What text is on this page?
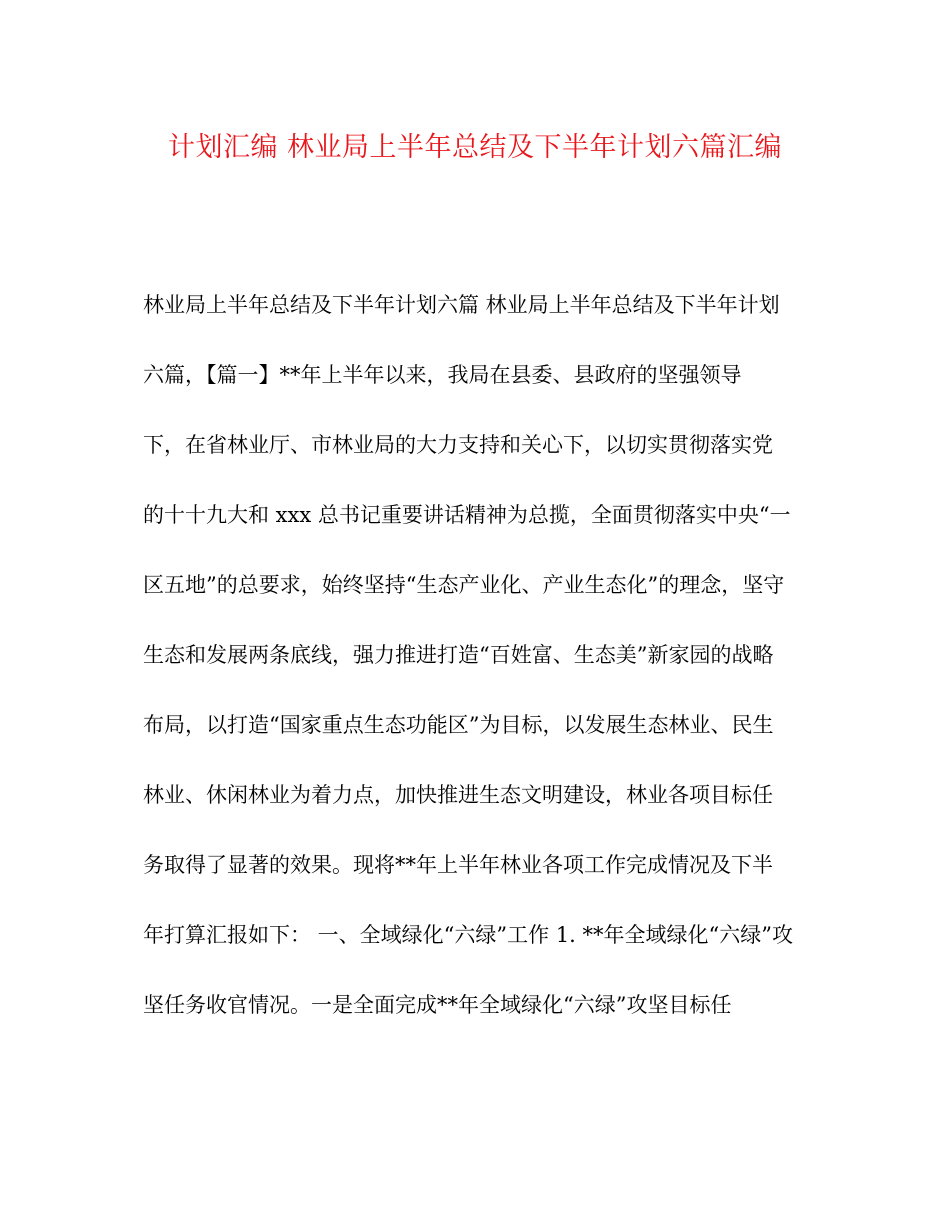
计划汇编 林业局上半年总结及下半年计划六篇汇编
林业局上半年总结及下半年计划六篇 林业局上半年总结及下半年计划
六篇，【篇一】**年上半年以来，我局在县委、县政府的坚强领导
下，在省林业厅、市林业局的大力支持和关心下，以切实贯彻落实党
的十十九大和 xxx 总书记重要讲话精神为总揽，全面贯彻落实中央“一
区五地”的总要求，始终坚持“生态产业化、产业生态化”的理念，坚守
生态和发展两条底线，强力推进打造“百姓富、生态美”新家园的战略
布局，以打造“国家重点生态功能区”为目标，以发展生态林业、民生
林业、休闲林业为着力点，加快推进生态文明建设，林业各项目标任
务取得了显著的效果。现将**年上半年林业各项工作完成情况及下半
年打算汇报如下： 一、全域绿化“六绿”工作 1. **年全域绿化“六绿”攻
坚任务收官情况。一是全面完成**年全域绿化“六绿”攻坚目标任
